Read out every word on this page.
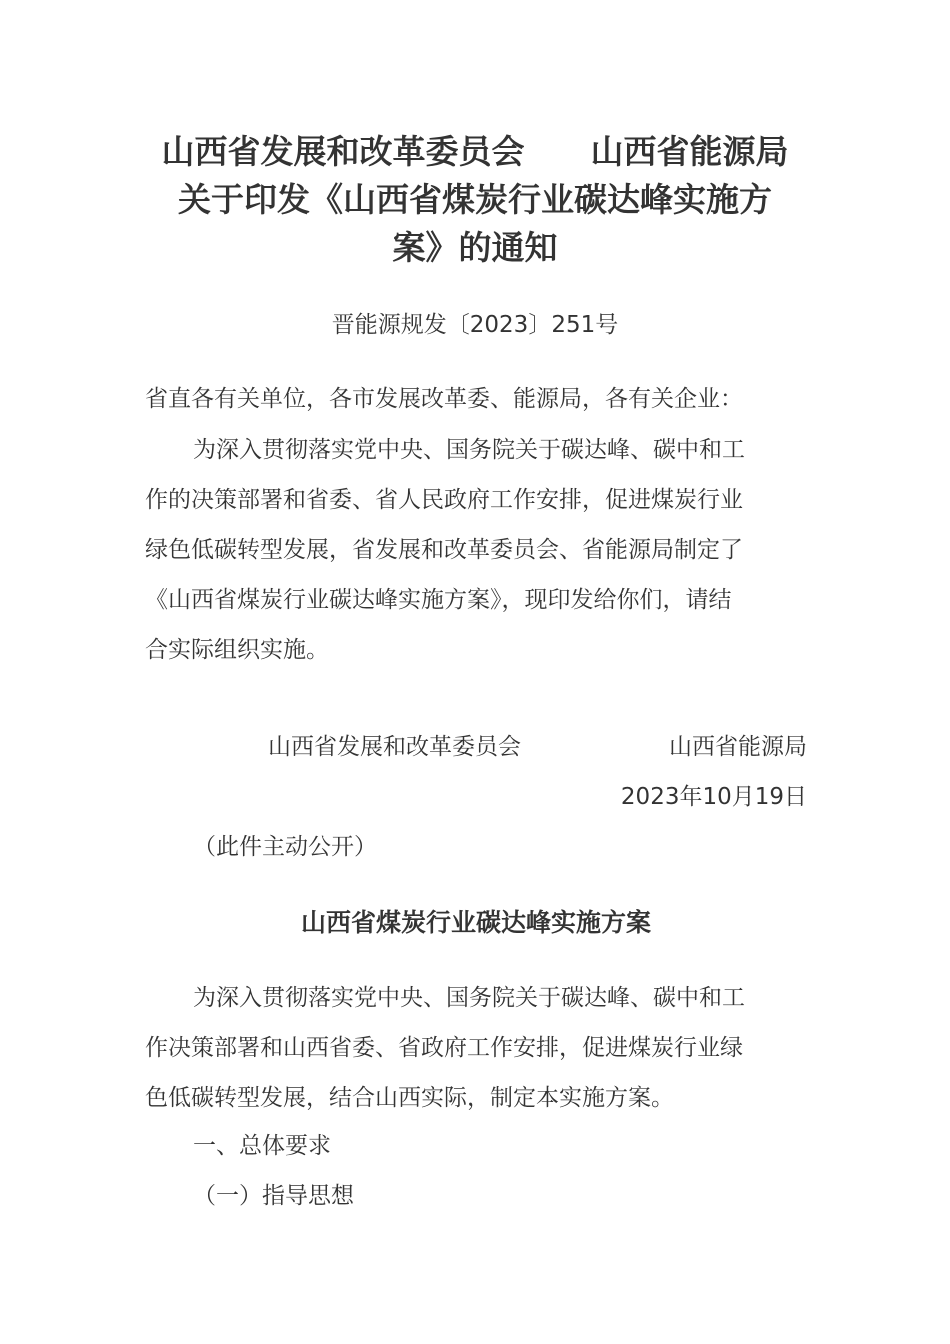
山西省发展和改革委员会　　山西省能源局
关于印发《山西省煤炭行业碳达峰实施方
案》的通知
晋能源规发〔2023〕251号
省直各有关单位，各市发展改革委、能源局，各有关企业：
为深入贯彻落实党中央、国务院关于碳达峰、碳中和工
作的决策部署和省委、省人民政府工作安排，促进煤炭行业
绿色低碳转型发展，省发展和改革委员会、省能源局制定了
《山西省煤炭行业碳达峰实施方案》，现印发给你们，请结
合实际组织实施。
山西省发展和改革委员会	山西省能源局
2023年10月19日
（此件主动公开）
山西省煤炭行业碳达峰实施方案
为深入贯彻落实党中央、国务院关于碳达峰、碳中和工
作决策部署和山西省委、省政府工作安排，促进煤炭行业绿
色低碳转型发展，结合山西实际，制定本实施方案。
一、总体要求
（一）指导思想
